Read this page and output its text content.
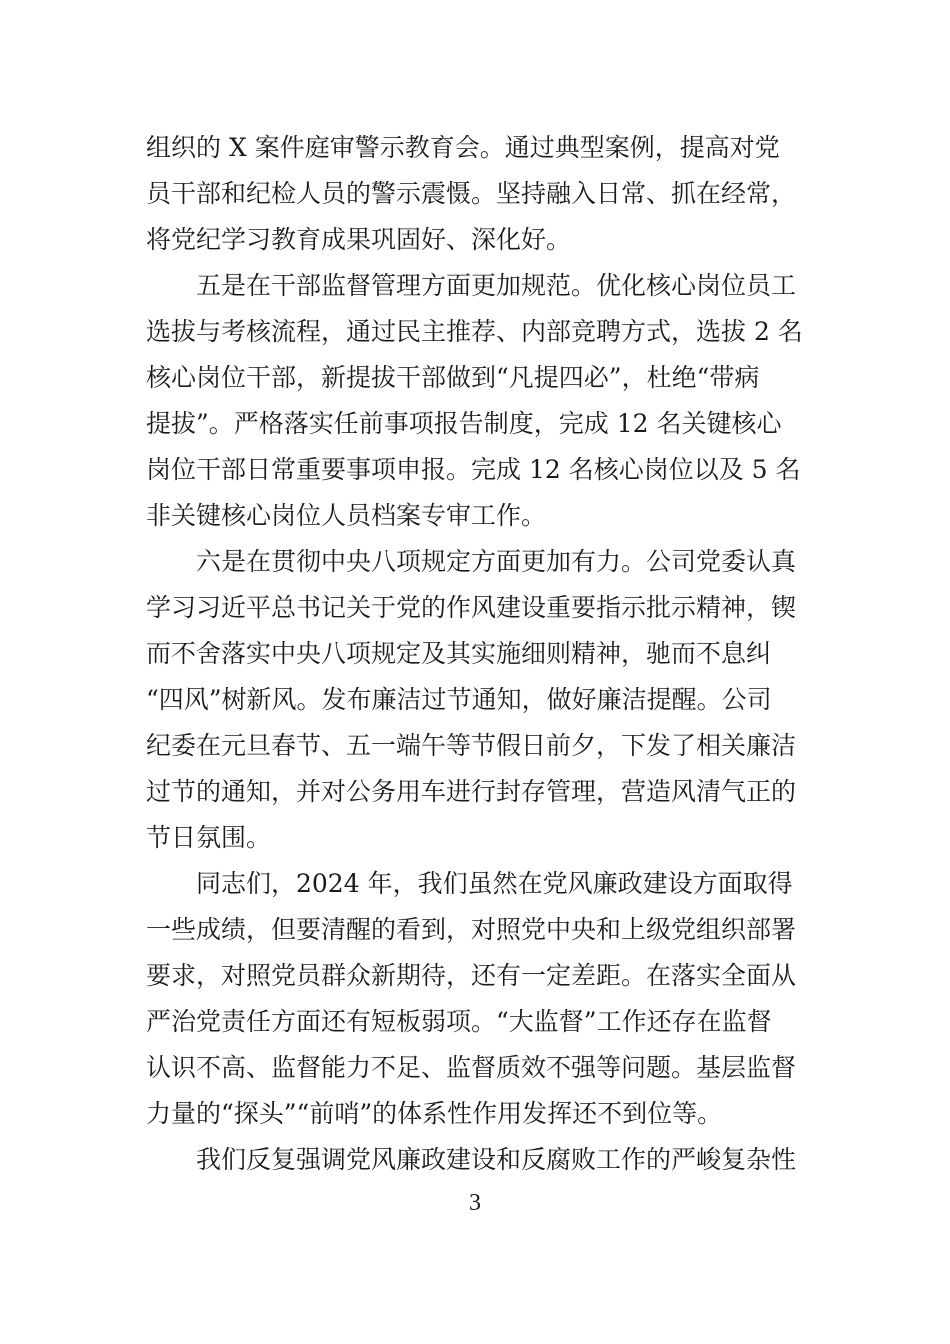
组织的 X 案件庭审警示教育会。通过典型案例，提高对党
员干部和纪检人员的警示震慑。坚持融入日常、抓在经常，
将党纪学习教育成果巩固好、深化好。
五是在干部监督管理方面更加规范。优化核心岗位员工
选拔与考核流程，通过民主推荐、内部竞聘方式，选拔 2 名
核心岗位干部，新提拔干部做到“凡提四必”，杜绝“带病
提拔”。严格落实任前事项报告制度，完成 12 名关键核心
岗位干部日常重要事项申报。完成 12 名核心岗位以及 5 名
非关键核心岗位人员档案专审工作。
六是在贯彻中央八项规定方面更加有力。公司党委认真
学习习近平总书记关于党的作风建设重要指示批示精神，锲
而不舍落实中央八项规定及其实施细则精神，驰而不息纠
“四风”树新风。发布廉洁过节通知，做好廉洁提醒。公司
纪委在元旦春节、五一端午等节假日前夕，下发了相关廉洁
过节的通知，并对公务用车进行封存管理，营造风清气正的
节日氛围。
同志们，2024 年，我们虽然在党风廉政建设方面取得
一些成绩，但要清醒的看到，对照党中央和上级党组织部署
要求，对照党员群众新期待，还有一定差距。在落实全面从
严治党责任方面还有短板弱项。“大监督”工作还存在监督
认识不高、监督能力不足、监督质效不强等问题。基层监督
力量的“探头”“前哨”的体系性作用发挥还不到位等。
我们反复强调党风廉政建设和反腐败工作的严峻复杂性
3
